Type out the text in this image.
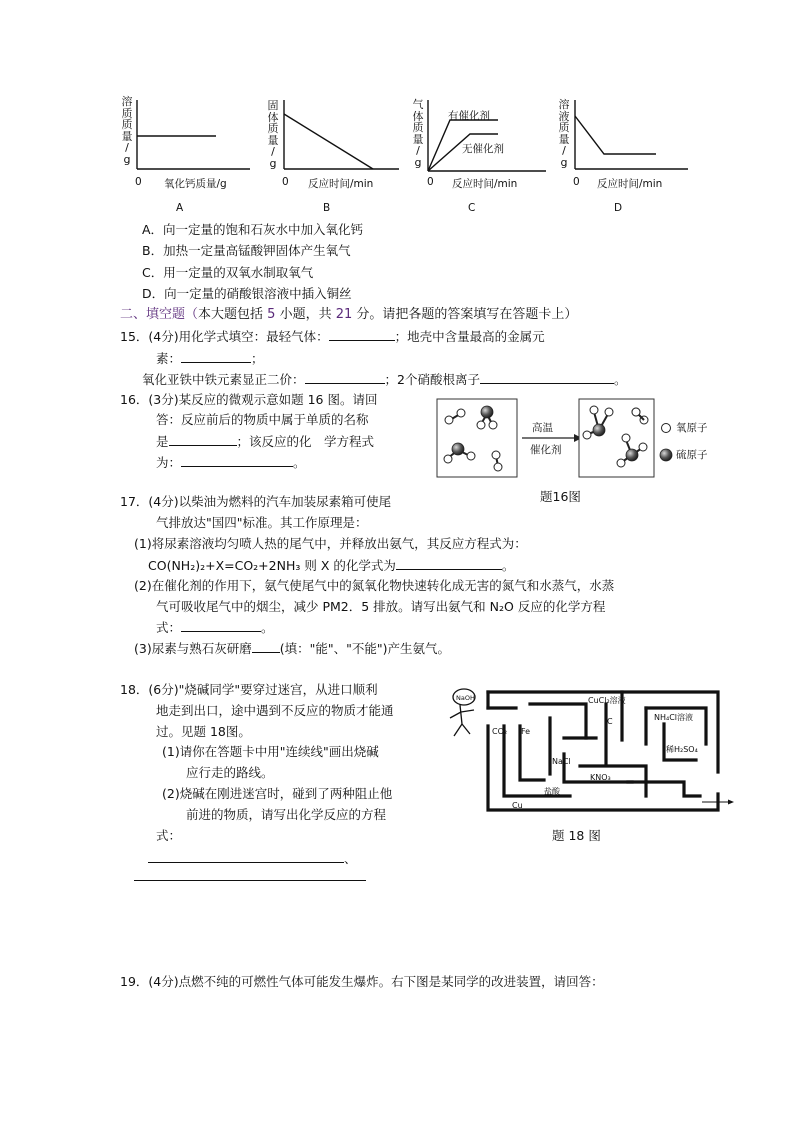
溶
质
质
量
/
g
0 氧化钙质量/g
A
固
体
质
量
/
g
0 反应时间/min
B
气
体
质
量
/
g
有催化剂
无催化剂
0 反应时间/min
C
溶
液
质
量
/
g
0 反应时间/min
D
A．向一定量的饱和石灰水中加入氧化钙
B．加热一定量高锰酸钾固体产生氧气
C．用一定量的双氧水制取氧气
D．向一定量的硝酸银溶液中插入铜丝
二、填空题（本大题包括 5 小题，共 21 分。请把各题的答案填写在答题卡上）
15．(4分)用化学式填空：最轻气体：	；地壳中含量最高的金属元
素：	；
氧化亚铁中铁元素显正二价：	；2个硝酸根离子	。
16．(3分)某反应的微观示意如题 16 图。请回
答：反应前后的物质中属于单质的名称
是	；该反应的化　学方程式
为：	。
高温
催化剂
氧原子
硫原子
题16图
17．(4分)以柴油为燃料的汽车加装尿素箱可使尾
气排放达"国四"标准。其工作原理是：
(1)将尿素溶液均匀喷人热的尾气中，并释放出氨气，其反应方程式为：
CO(NH₂)₂+X=CO₂+2NH₃ 则 X 的化学式为	。
(2)在催化剂的作用下，氨气使尾气中的氮氧化物快速转化成无害的氮气和水蒸气，水蒸
气可吸收尾气中的烟尘，减少 PM2．5 排放。请写出氨气和 N₂O 反应的化学方程
式：	。
(3)尿素与熟石灰研磨 (填："能"、"不能")产生氨气。
18．(6分)"烧碱同学"要穿过迷宫，从进口顺利
地走到出口，途中遇到不反应的物质才能通
过。见题 18图。
(1)请你在答题卡中用"连续线"画出烧碱
应行走的路线。
(2)烧碱在刚进迷宫时，碰到了两种阻止他
前进的物质，请写出化学反应的方程
式：
、
NaOH	CuCl₂溶液
C	NH₄Cl溶液
CO₂ Fe
NaCl
稀H₂SO₄
KNO₃
盐酸
Cu
题 18 图
19．(4分)点燃不纯的可燃性气体可能发生爆炸。右下图是某同学的改进装置，请回答：
